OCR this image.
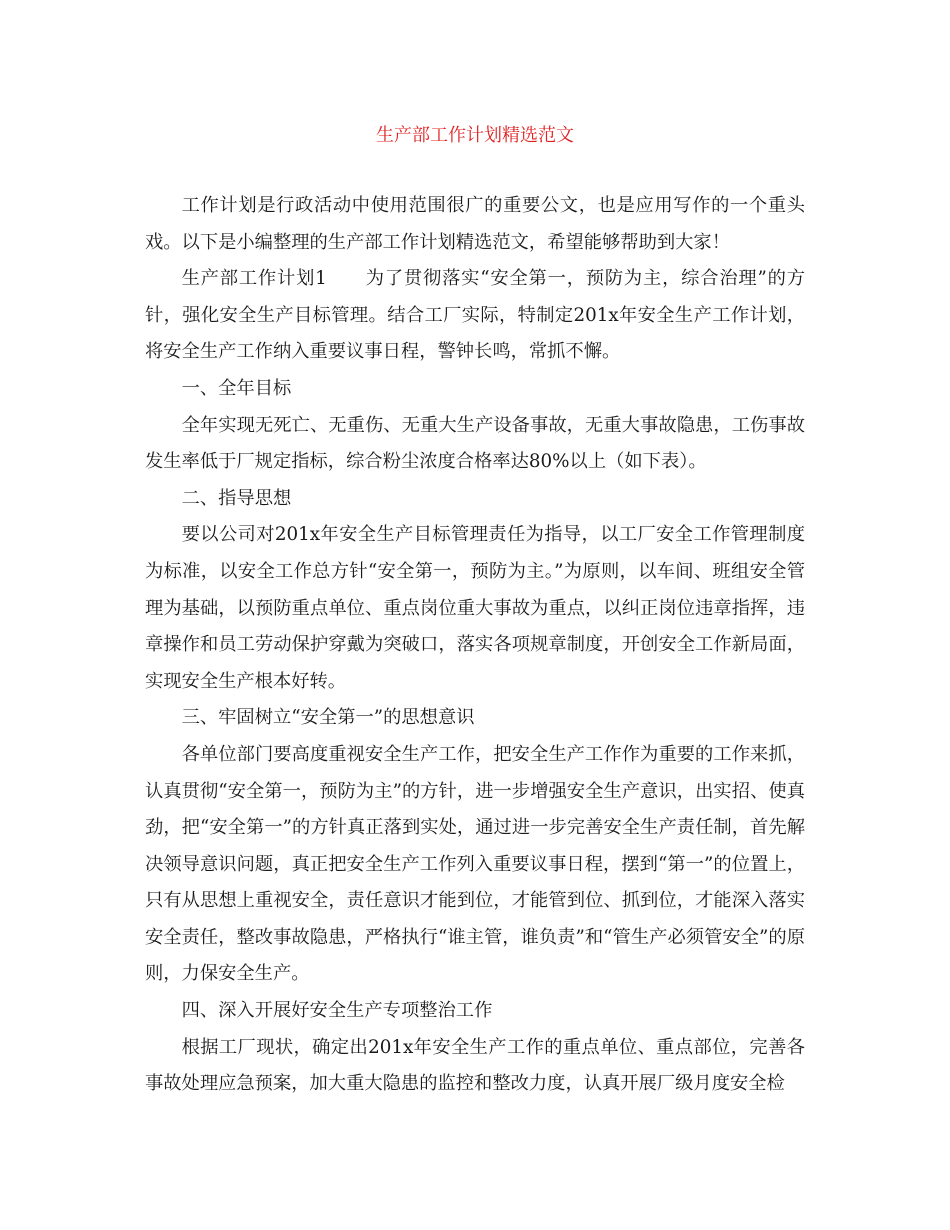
生产部工作计划精选范文

工作计划是行政活动中使用范围很广的重要公文，也是应用写作的一个重头戏。以下是小编整理的生产部工作计划精选范文，希望能够帮助到大家！

生产部工作计划1　　为了贯彻落实“安全第一，预防为主，综合治理”的方针，强化安全生产目标管理。结合工厂实际，特制定201x年安全生产工作计划，将安全生产工作纳入重要议事日程，警钟长鸣，常抓不懈。

一、全年目标

全年实现无死亡、无重伤、无重大生产设备事故，无重大事故隐患，工伤事故发生率低于厂规定指标，综合粉尘浓度合格率达80%以上（如下表）。

二、指导思想

要以公司对201x年安全生产目标管理责任为指导，以工厂安全工作管理制度为标准，以安全工作总方针“安全第一，预防为主。”为原则，以车间、班组安全管理为基础，以预防重点单位、重点岗位重大事故为重点，以纠正岗位违章指挥，违章操作和员工劳动保护穿戴为突破口，落实各项规章制度，开创安全工作新局面，实现安全生产根本好转。

三、牢固树立“安全第一”的思想意识

各单位部门要高度重视安全生产工作，把安全生产工作作为重要的工作来抓，认真贯彻“安全第一，预防为主”的方针，进一步增强安全生产意识，出实招、使真劲，把“安全第一”的方针真正落到实处，通过进一步完善安全生产责任制，首先解决领导意识问题，真正把安全生产工作列入重要议事日程，摆到“第一”的位置上，只有从思想上重视安全，责任意识才能到位，才能管到位、抓到位，才能深入落实安全责任，整改事故隐患，严格执行“谁主管，谁负责”和“管生产必须管安全”的原则，力保安全生产。

四、深入开展好安全生产专项整治工作

根据工厂现状，确定出201x年安全生产工作的重点单位、重点部位，完善各事故处理应急预案，加大重大隐患的监控和整改力度，认真开展厂级月度安全检
